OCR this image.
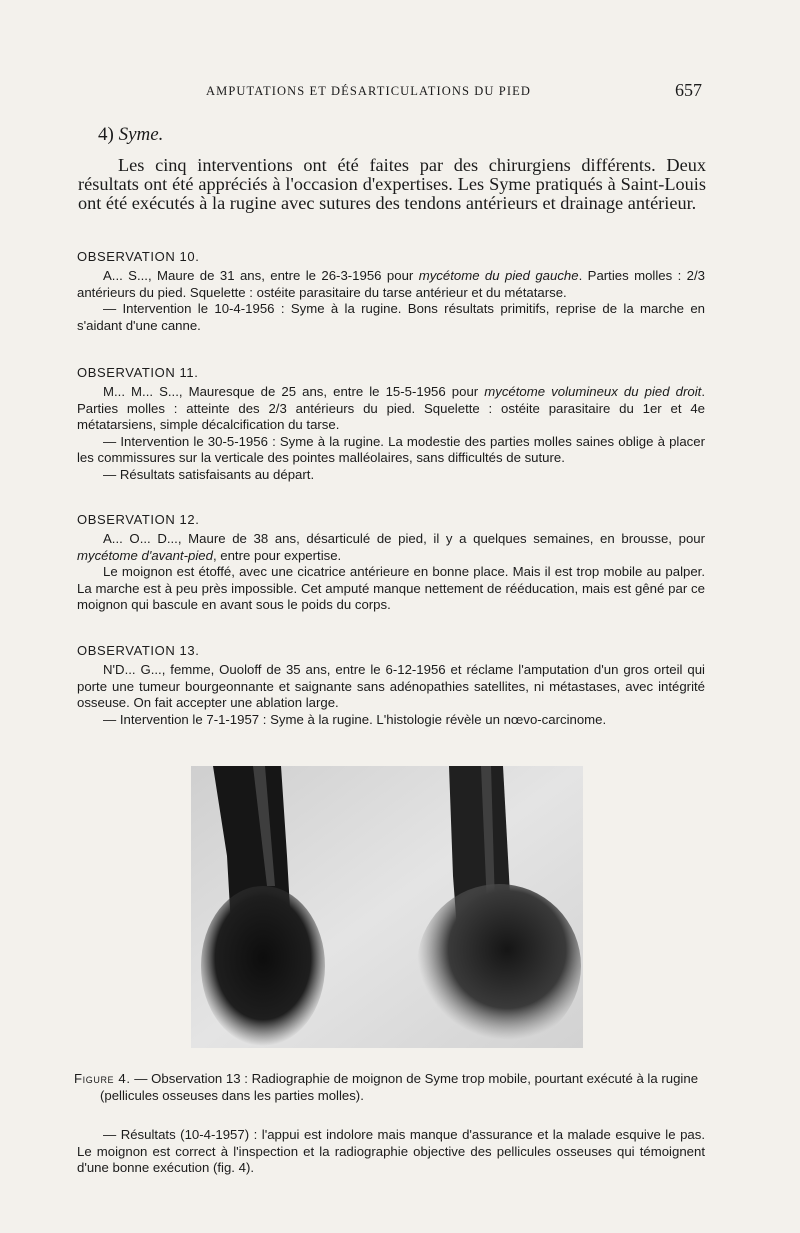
AMPUTATIONS ET DÉSARTICULATIONS DU PIED	657
4) Syme.

Les cinq interventions ont été faites par des chirurgiens différents. Deux résultats ont été appréciés à l'occasion d'expertises. Les Syme pratiqués à Saint-Louis ont été exécutés à la rugine avec sutures des tendons antérieurs et drainage antérieur.

OBSERVATION 10.

A... S..., Maure de 31 ans, entre le 26-3-1956 pour mycétome du pied gauche. Parties molles : 2/3 antérieurs du pied. Squelette : ostéite parasitaire du tarse antérieur et du métatarse.

— Intervention le 10-4-1956 : Syme à la rugine. Bons résultats primitifs, reprise de la marche en s'aidant d'une canne.

OBSERVATION 11.

M... M... S..., Mauresque de 25 ans, entre le 15-5-1956 pour mycétome volumineux du pied droit. Parties molles : atteinte des 2/3 antérieurs du pied. Squelette : ostéite parasitaire du 1er et 4e métatarsiens, simple décalcification du tarse.

— Intervention le 30-5-1956 : Syme à la rugine. La modestie des parties molles saines oblige à placer les commissures sur la verticale des pointes malléolaires, sans difficultés de suture.

— Résultats satisfaisants au départ.

OBSERVATION 12.

A... O... D..., Maure de 38 ans, désarticulé de pied, il y a quelques semaines, en brousse, pour mycétome d'avant-pied, entre pour expertise.

Le moignon est étoffé, avec une cicatrice antérieure en bonne place. Mais il est trop mobile au palper. La marche est à peu près impossible. Cet amputé manque nettement de rééducation, mais est gêné par ce moignon qui bascule en avant sous le poids du corps.

OBSERVATION 13.

N'D... G..., femme, Ouoloff de 35 ans, entre le 6-12-1956 et réclame l'amputation d'un gros orteil qui porte une tumeur bourgeonnante et saignante sans adénopathies satellites, ni métastases, avec intégrité osseuse. On fait accepter une ablation large.

— Intervention le 7-1-1957 : Syme à la rugine. L'histologie révèle un nœvo-carcinome.

Figure 4. — Observation 13 : Radiographie de moignon de Syme trop mobile, pourtant exécuté à la rugine (pellicules osseuses dans les parties molles).

— Résultats (10-4-1957) : l'appui est indolore mais manque d'assurance et la malade esquive le pas. Le moignon est correct à l'inspection et la radiographie objective des pellicules osseuses qui témoignent d'une bonne exécution (fig. 4).
